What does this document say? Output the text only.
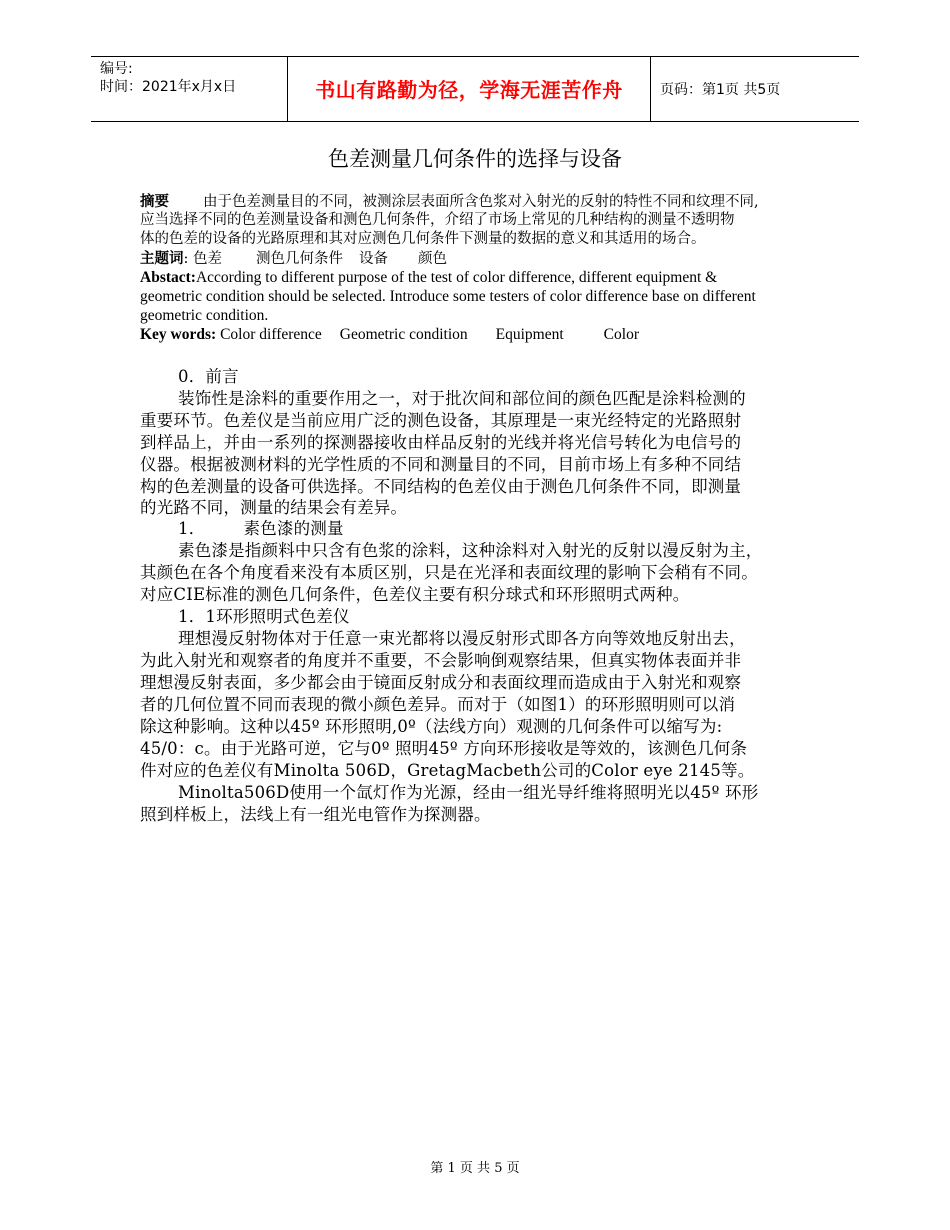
编号:
时间：2021年x月x日	书山有路勤为径，学海无涯苦作舟	页码：第1页 共5页
色差测量几何条件的选择与设备
摘要 由于色差测量目的不同，被测涂层表面所含色浆对入射光的反射的特性不同和纹理不同,
应当选择不同的色差测量设备和测色几何条件，介绍了市场上常见的几种结构的测量不透明物
体的色差的设备的光路原理和其对应测色几何条件下测量的数据的意义和其适用的场合。
主题词: 色差 测色几何条件 设备 颜色
Abstact:According to different purpose of the test of color difference, different equipment &
geometric condition should be selected. Introduce some testers of color difference base on different
geometric condition.
Key words: Color difference Geometric condition Equipment	Color
0．前言
装饰性是涂料的重要作用之一，对于批次间和部位间的颜色匹配是涂料检测的
重要环节。色差仪是当前应用广泛的测色设备，其原理是一束光经特定的光路照射
到样品上，并由一系列的探测器接收由样品反射的光线并将光信号转化为电信号的
仪器。根据被测材料的光学性质的不同和测量目的不同，目前市场上有多种不同结
构的色差测量的设备可供选择。不同结构的色差仪由于测色几何条件不同，即测量
的光路不同，测量的结果会有差异。
1．       素色漆的测量
素色漆是指颜料中只含有色浆的涂料，这种涂料对入射光的反射以漫反射为主，
其颜色在各个角度看来没有本质区别，只是在光泽和表面纹理的影响下会稍有不同。
对应CIE标准的测色几何条件，色差仪主要有积分球式和环形照明式两种。
1．1环形照明式色差仪
理想漫反射物体对于任意一束光都将以漫反射形式即各方向等效地反射出去，
为此入射光和观察者的角度并不重要，不会影响倒观察结果，但真实物体表面并非
理想漫反射表面，多少都会由于镜面反射成分和表面纹理而造成由于入射光和观察
者的几何位置不同而表现的微小颜色差异。而对于（如图1）的环形照明则可以消
除这种影响。这种以45º 环形照明,0º（法线方向）观测的几何条件可以缩写为:
45/0：c。由于光路可逆，它与0º 照明45º 方向环形接收是等效的，该测色几何条
件对应的色差仪有Minolta 506D，GretagMacbeth公司的Color eye 2145等。
Minolta506D使用一个氙灯作为光源，经由一组光导纤维将照明光以45º 环形
照到样板上，法线上有一组光电管作为探测器。
第 1 页 共 5 页
